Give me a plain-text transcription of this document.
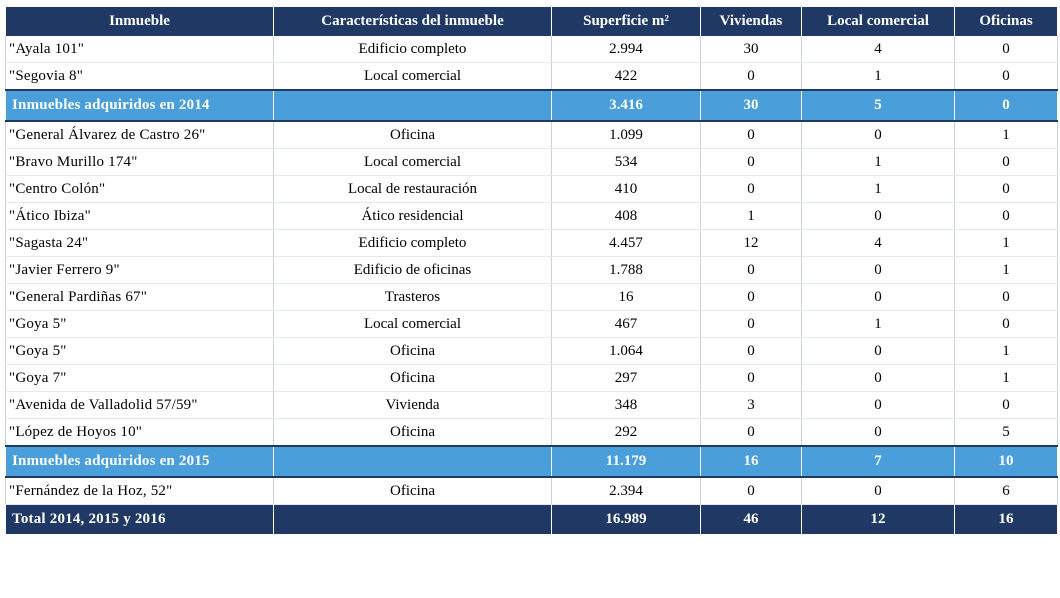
Inmueble	Características del inmueble	Superficie m²	Viviendas	Local comercial	Oficinas
"Ayala 101"	Edificio completo	2.994	30	4	0
"Segovia 8"	Local comercial	422	0	1	0
Inmuebles adquiridos en 2014		3.416	30	5	0
"General Álvarez de Castro 26"	Oficina	1.099	0	0	1
"Bravo Murillo 174"	Local comercial	534	0	1	0
"Centro Colón"	Local de restauración	410	0	1	0
"Ático Ibiza"	Ático residencial	408	1	0	0
"Sagasta 24"	Edificio completo	4.457	12	4	1
"Javier Ferrero 9"	Edificio de oficinas	1.788	0	0	1
"General Pardiñas 67"	Trasteros	16	0	0	0
"Goya 5"	Local comercial	467	0	1	0
"Goya 5"	Oficina	1.064	0	0	1
"Goya 7"	Oficina	297	0	0	1
"Avenida de Valladolid 57/59"	Vivienda	348	3	0	0
"López de Hoyos 10"	Oficina	292	0	0	5
Inmuebles adquiridos en 2015		11.179	16	7	10
"Fernández de la Hoz, 52"	Oficina	2.394	0	0	6
Total 2014, 2015 y 2016		16.989	46	12	16
